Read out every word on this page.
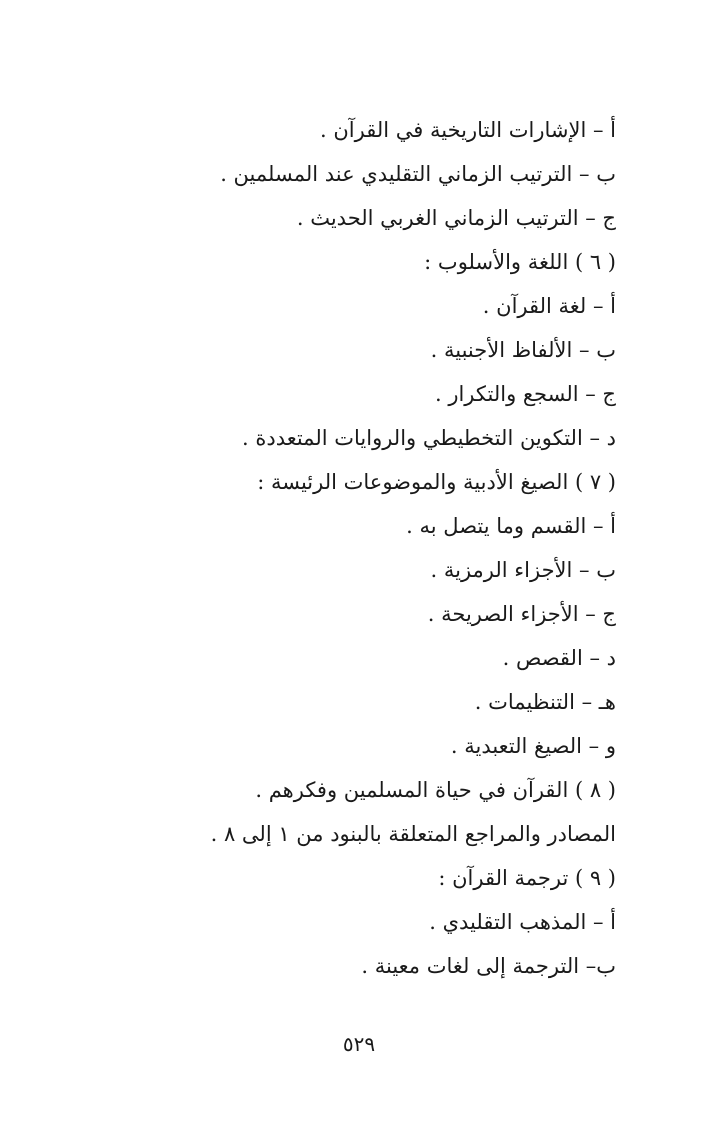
أ – الإشارات التاريخية في القرآن .
ب – الترتيب الزماني التقليدي عند المسلمين .
ج – الترتيب الزماني الغربي الحديث .
( ٦ ) اللغة والأسلوب :
أ – لغة القرآن .
ب – الألفاظ الأجنبية .
ج – السجع والتكرار .
د – التكوين التخطيطي والروايات المتعددة .
( ٧ ) الصيغ الأدبية والموضوعات الرئيسة :
أ – القسم وما يتصل به .
ب – الأجزاء الرمزية .
ج – الأجزاء الصريحة .
د – القصص .
هـ – التنظيمات .
و – الصيغ التعبدية .
( ٨ ) القرآن في حياة المسلمين وفكرهم .
المصادر والمراجع المتعلقة بالبنود من ١ إلى ٨ .
( ٩ ) ترجمة القرآن :
أ – المذهب التقليدي .
ب– الترجمة إلى لغات معينة .
٥٢٩
